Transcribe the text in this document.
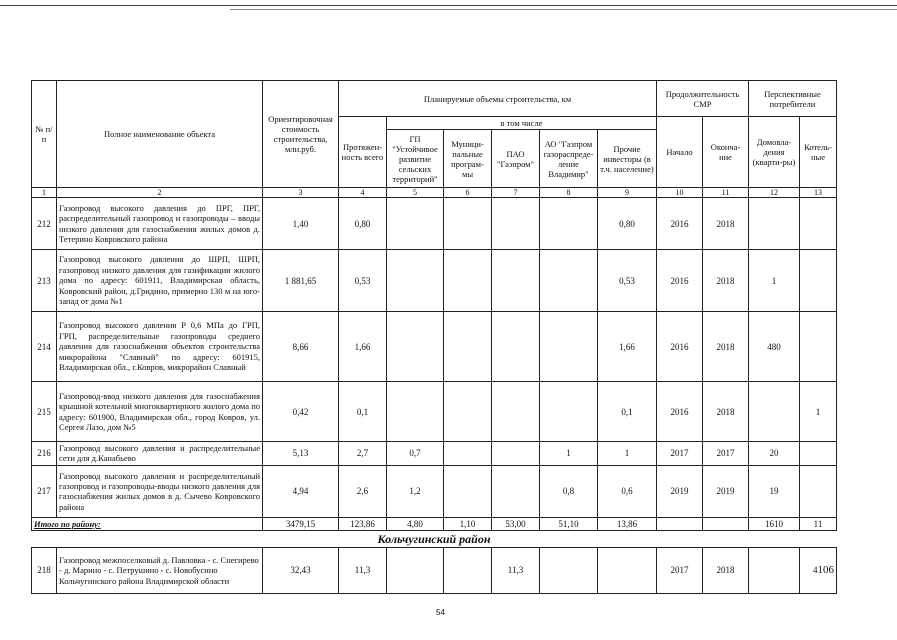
№ п/п	Полное наименование объекта	Ориентировочная стоимость строительства, млн.руб.	Планируемые объемы строительства, км						Продолжительность СМР		Перспективные потребители	
			Протяжен-ность всего	в том числе					Начало	Оконча-ние	Домовла-дения (кварти-ры)	Котель-ные
				ГП "Устойчивое развитие сельских территорий"	Муници-пальные програм-мы	ПАО "Газпром"	АО "Газпром газораспреде-ление Владимир"	Прочие инвесторы (в т.ч. население)				
1	2	3	4	5	6	7	8	9	10	11	12	13
212	Газопровод высокого давления до ПРГ, ПРГ, распределительный газопровод и газопроводы – вводы низкого давления для газоснабжения жилых домов д. Тетерино Ковровского района	1,40	0,80					0,80	2016	2018		
213	Газопровод высокого давления до ШРП, ШРП, газопровод низкого давления для газификации жилого дома по адресу: 601911, Владимирская область, Ковровский район, д.Гридино, примерно 130 м на юго-запад от дома №1	1 881,65	0,53					0,53	2016	2018	1	
214	Газопровод высокого давления Р 0,6 МПа до ГРП, ГРП, распределительные газопроводы среднего давления для газоснабжения объектов строительства микрорайона "Славный" по адресу: 601915, Владимирская обл., г.Ковров, микрорайон Славный	8,66	1,66					1,66	2016	2018	480	
215	Газопровод-ввод низкого давления для газоснабжения крышной котельной многоквартирного жилого дома по адресу: 601900, Владимирская обл., город Ковров, ул. Сергея Лазо, дом №5	0,42	0,1					0,1	2016	2018		1
216	Газопровод высокого давления и распределительные сети для д.Канабьево	5,13	2,7	0,7			1	1	2017	2017	20	
217	Газопровод высокого давления и распределительный газопровод и газопроводы-вводы низкого давления для газоснабжения жилых домов в д. Сычево Ковровского района	4,94	2,6	1,2			0,8	0,6	2019	2019	19	
Итого по району:		3479,15	123,86	4,80	1,10	53,00	51,10	13,86			1610	11
Кольчугинский район												
218	Газопровод межпоселковый д. Павловка - с. Снегирево - д. Марино - с. Петрушино - с. Новобусино Кольчугинского района Владимирской области	32,43	11,3			11,3			2017	2018		4106
54
